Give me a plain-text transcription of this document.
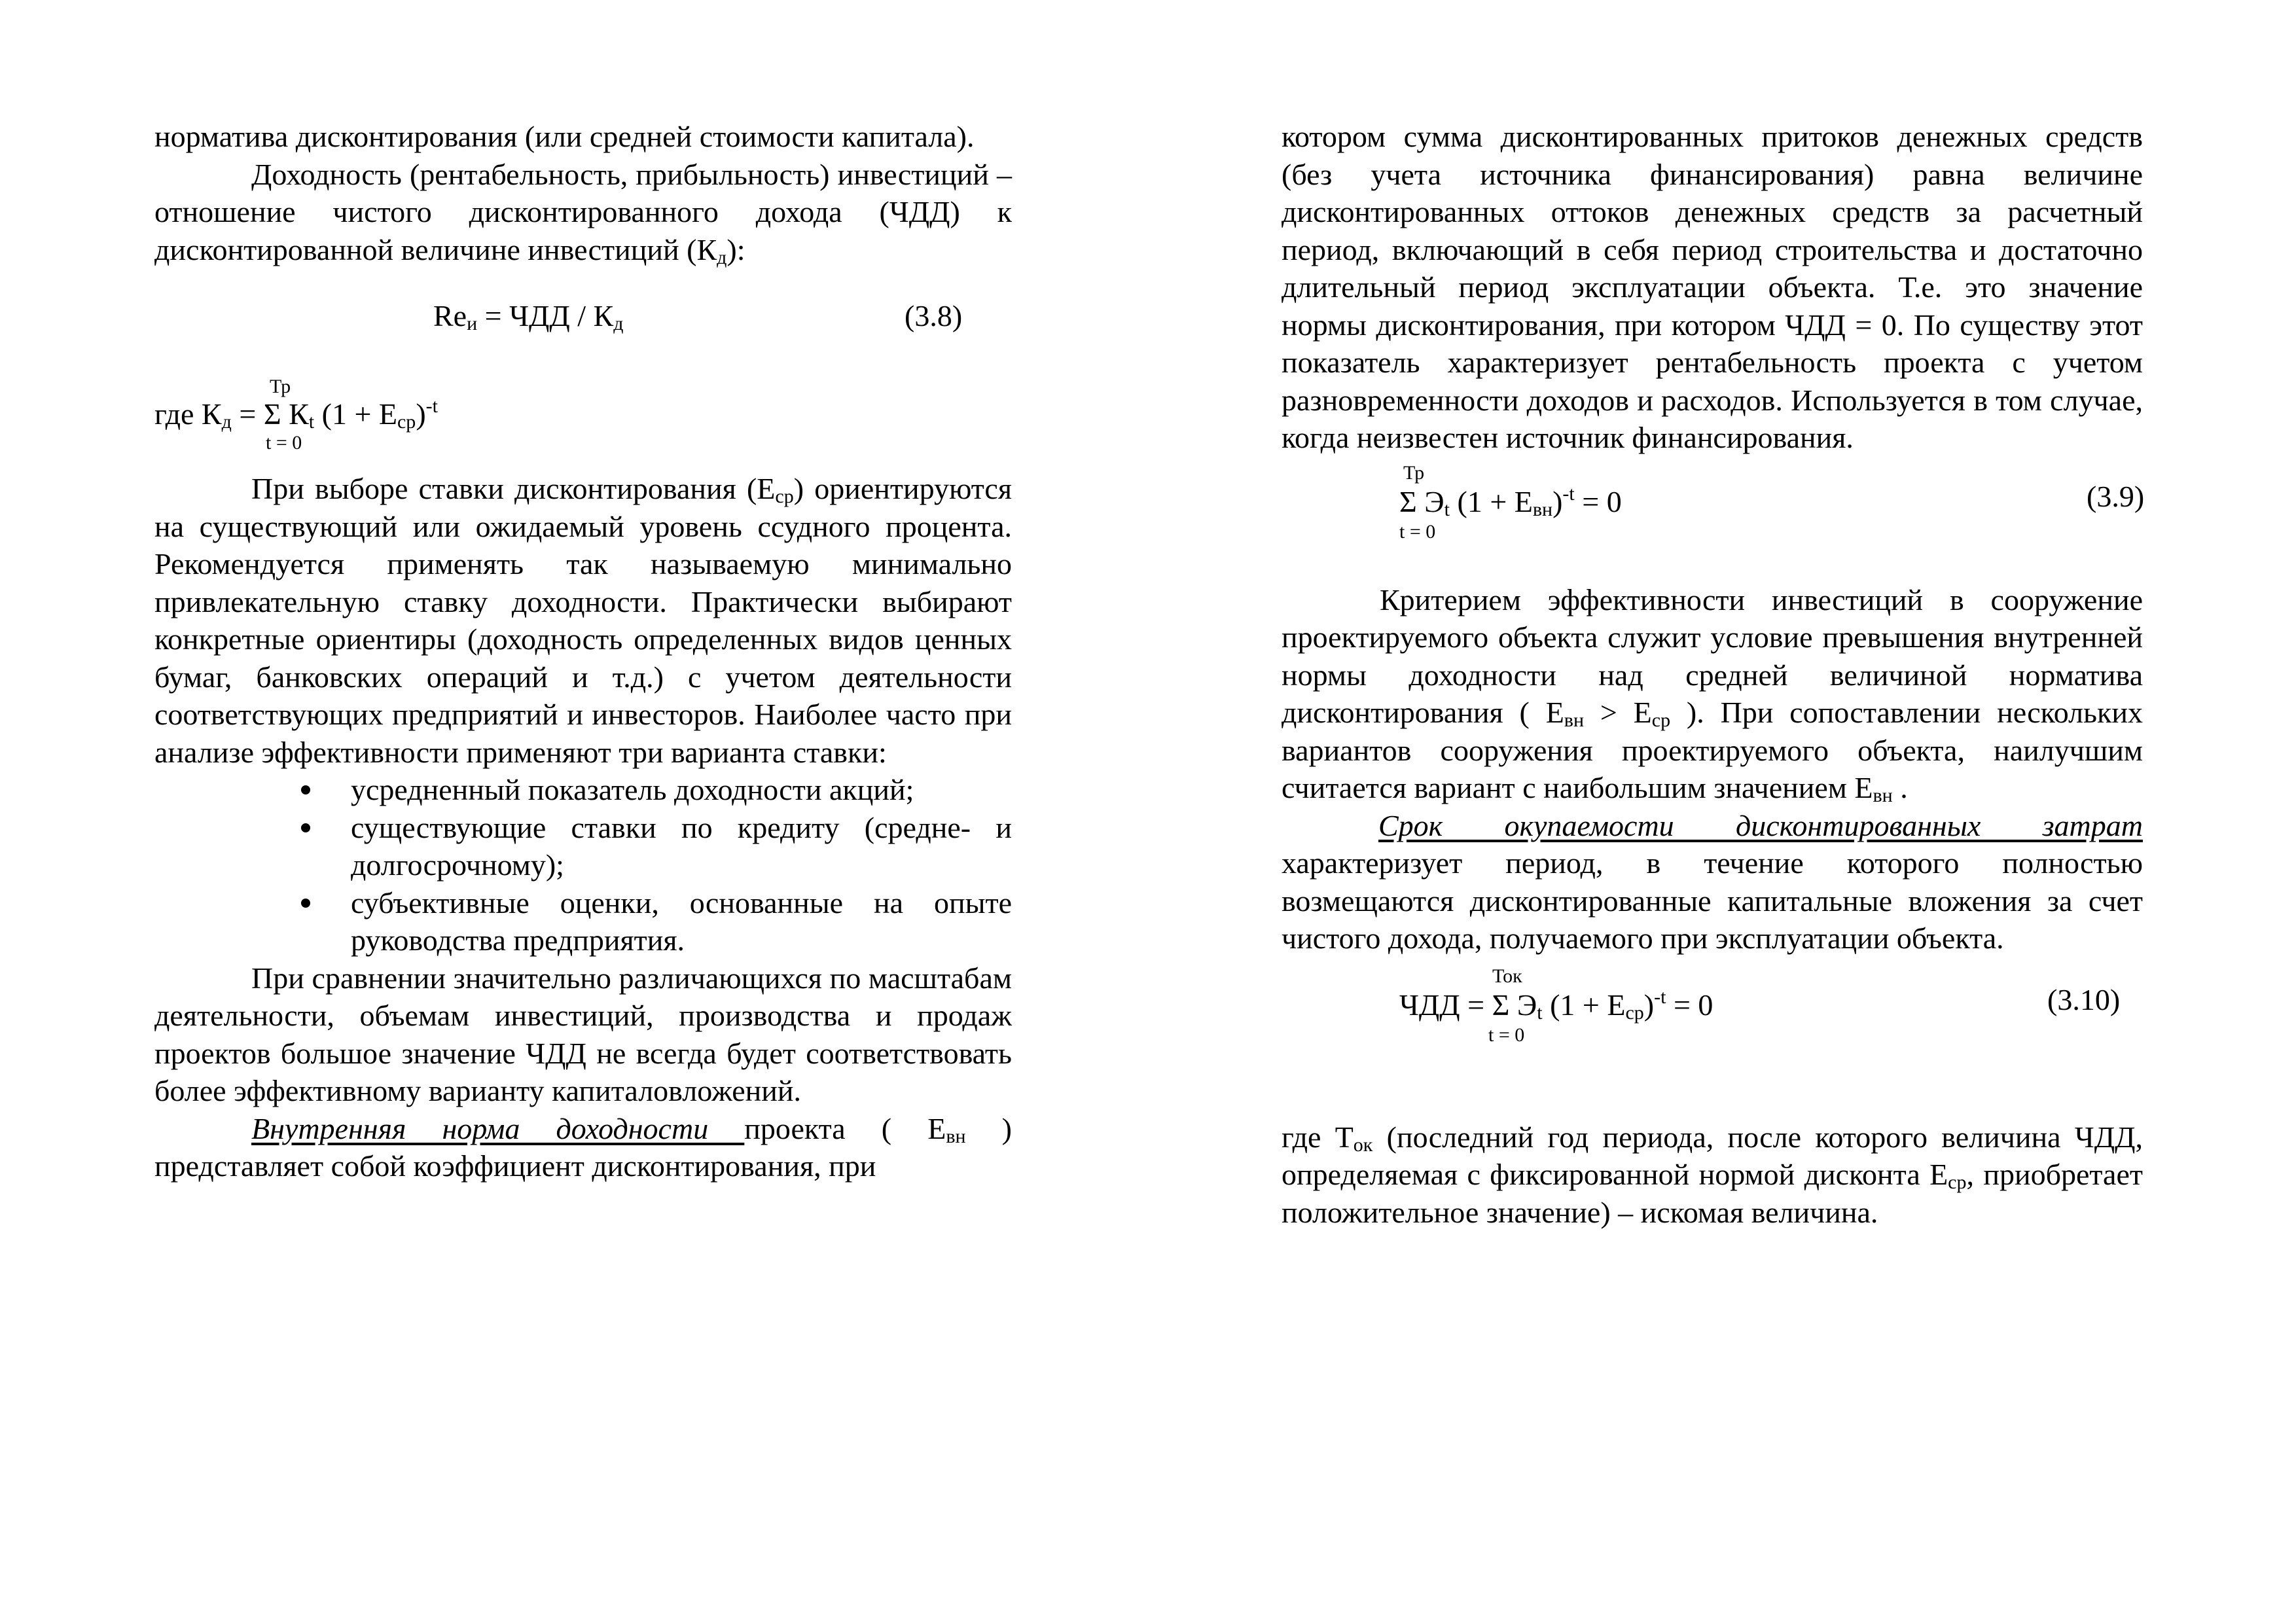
норматива дисконтирования (или средней стоимости капитала).

Доходность (рентабельность, прибыльность) инвестиций – отношение чистого дисконтированного дохода (ЧДД) к дисконтированной величине инвестиций $(К_д)$:

$Re_и$ = ЧДД / $К_д$	(3.8)
Тр
где $К_д = \Sigma$ $К_t$ $(1 + Е_{ср})^{-t}$
t = 0

При выборе ставки дисконтирования $(Е_{ср})$ ориентируются на существующий или ожидаемый уровень ссудного процента. Рекомендуется применять так называемую минимально привлекательную ставку доходности. Практически выбирают конкретные ориентиры (доходность определенных видов ценных бумаг, банковских операций и т.д.) с учетом деятельности соответствующих предприятий и инвесторов. Наиболее часто при анализе эффективности применяют три варианта ставки:

усредненный показатель доходности акций;
существующие ставки по кредиту (средне- и долгосрочному);
субъективные оценки, основанные на опыте руководства предприятия.

При сравнении значительно различающихся по масштабам деятельности, объемам инвестиций, производства и продаж проектов большое значение ЧДД не всегда будет соответствовать более эффективному варианту капиталовложений.

Внутренняя норма доходности проекта ( $Е_{вн}$ ) представляет собой коэффициент дисконтирования, при

котором сумма дисконтированных притоков денежных средств (без учета источника финансирования) равна величине дисконтированных оттоков денежных средств за расчетный период, включающий в себя период строительства и достаточно длительный период эксплуатации объекта. Т.е. это значение нормы дисконтирования, при котором ЧДД = 0. По существу этот показатель характеризует рентабельность проекта с учетом разновременности доходов и расходов. Используется в том случае, когда неизвестен источник финансирования.

Тр
Σ $Э_t$ $(1 + Е_{вн})^{-t} = 0$
t = 0
(3.9)

Критерием эффективности инвестиций в сооружение проектируемого объекта служит условие превышения внутренней нормы доходности над средней величиной норматива дисконтирования ( $Е_{вн} > Е_{ср}$ ). При сопоставлении нескольких вариантов сооружения проектируемого объекта, наилучшим считается вариант с наибольшим значением $Е_{вн}$ .

Срок окупаемости дисконтированных затрат характеризует период, в течение которого полностью возмещаются дисконтированные капитальные вложения за счет чистого дохода, получаемого при эксплуатации объекта.

Ток
ЧДД = Σ $Э_t$ $(1 + Е_{ср})^{-t} = 0$
t = 0
(3.10)

где $Т_{ок}$ (последний год периода, после которого величина ЧДД, определяемая с фиксированной нормой дисконта $Е_{ср}$, приобретает положительное значение) – искомая величина.
